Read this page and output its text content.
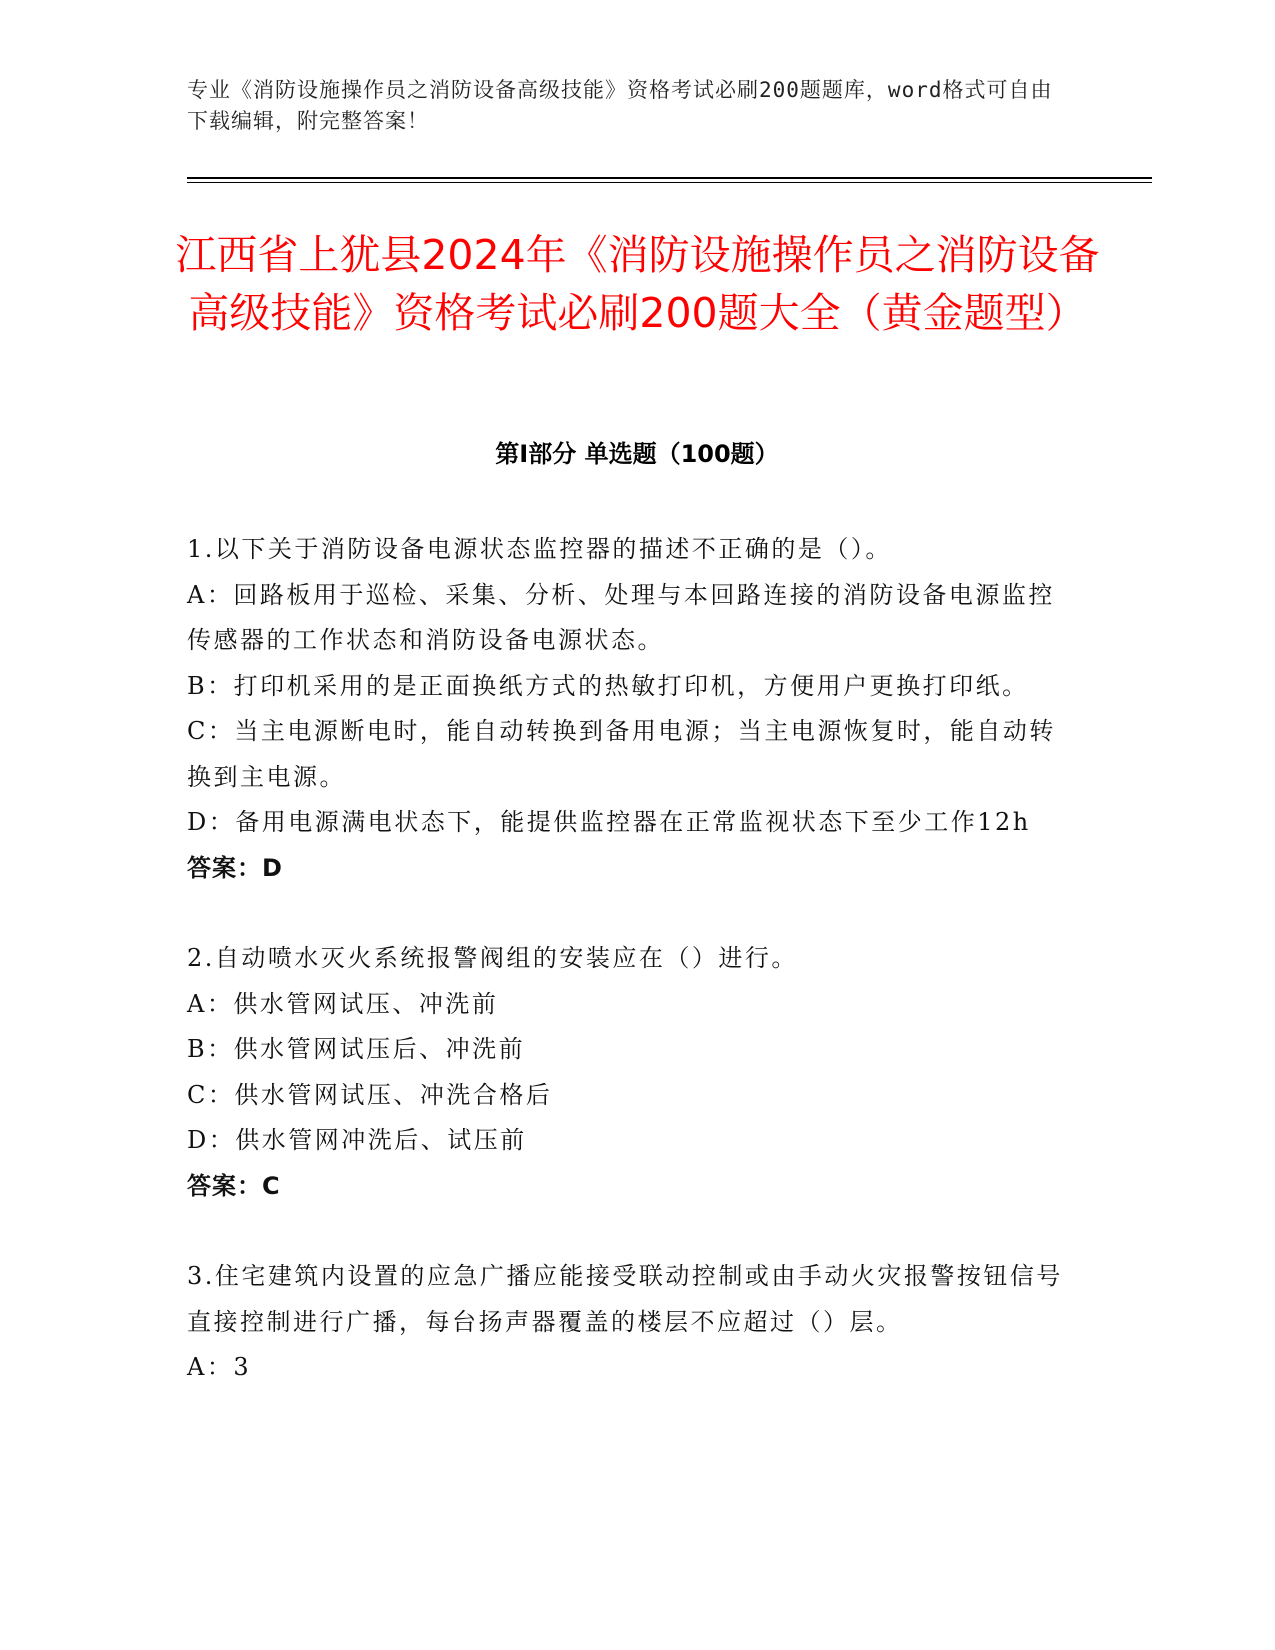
专业《消防设施操作员之消防设备高级技能》资格考试必刷200题题库，word格式可自由下载编辑，附完整答案！
江西省上犹县2024年《消防设施操作员之消防设备高级技能》资格考试必刷200题大全（黄金题型）
第Ⅰ部分 单选题（100题）

1.以下关于消防设备电源状态监控器的描述不正确的是（）。

A：回路板用于巡检、采集、分析、处理与本回路连接的消防设备电源监控传感器的工作状态和消防设备电源状态。

B：打印机采用的是正面换纸方式的热敏打印机，方便用户更换打印纸。

C：当主电源断电时，能自动转换到备用电源；当主电源恢复时，能自动转换到主电源。

D：备用电源满电状态下，能提供监控器在正常监视状态下至少工作12h

答案：D

2.自动喷水灭火系统报警阀组的安装应在（）进行。

A：供水管网试压、冲洗前

B：供水管网试压后、冲洗前

C：供水管网试压、冲洗合格后

D：供水管网冲洗后、试压前

答案：C

3.住宅建筑内设置的应急广播应能接受联动控制或由手动火灾报警按钮信号直接控制进行广播，每台扬声器覆盖的楼层不应超过（）层。

A：3
